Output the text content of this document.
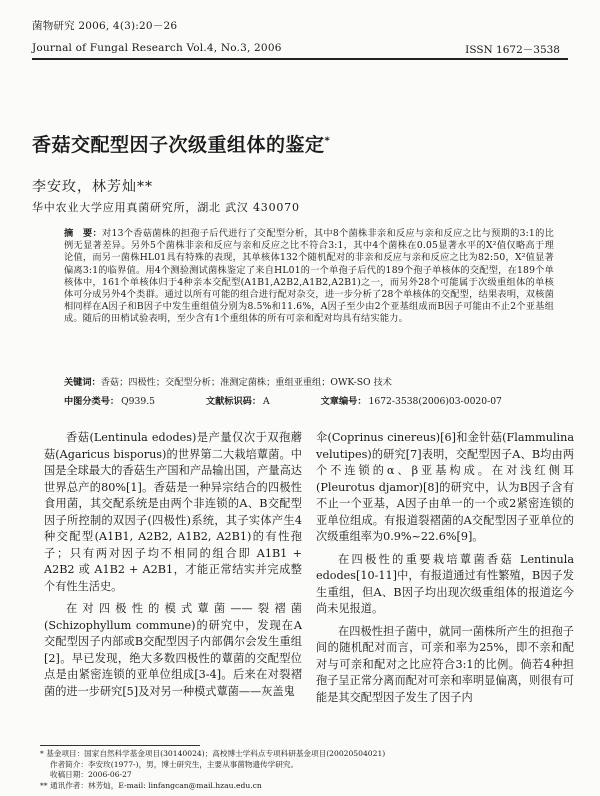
菌物研究 2006, 4(3):20－26
Journal of Fungal Research Vol.4, No.3, 2006	ISSN 1672－3538
香菇交配型因子次级重组体的鉴定*
李安玫，林芳灿**
华中农业大学应用真菌研究所，湖北 武汉 430070
摘　要：对13个香菇菌株的担孢子后代进行了交配型分析，其中8个菌株非亲和反应与亲和反应之比与预期的3:1的比例无显著差异。另外5个菌株非亲和反应与亲和反应之比不符合3:1，其中4个菌株在0.05显著水平的X²值仅略高于理论值，而另一菌株HL01具有特殊的表现，其单核体132个随机配对的非亲和反应与亲和反应之比为82:50，X²值显著偏离3:1的临界值。用4个测验测试菌株鉴定了来自HL01的一个单孢子后代的189个孢子单核体的交配型，在189个单核体中，161个单核体归于4种亲本交配型(A1B1,A2B2,A1B2,A2B1)之一，而另外28个可能属于次级重组体的单核体可分成另外4个类群。通过以所有可能的组合进行配对杂交，进一步分析了28个单核体的交配型，结果表明，双核菌相同样在A因子和B因子中发生重组值分别为8.5%和11.6%，A因子至少由2个亚基组成而B因子可能由不止2个亚基组成。随后的田梢试验表明，至少含有1个重组体的所有可亲和配对均具有结实能力。
关键词：香菇；四极性；交配型分析；准测定菌株；重组亚重组；OWK-SO 技术
中图分类号： Q939.5	文献标识码： A	文章编号： 1672-3538(2006)03-0020-07

香菇(Lentinula edodes)是产量仅次于双孢蘑菇(Agaricus bisporus)的世界第二大栽培蕈菌。中国是全球最大的香菇生产国和产品输出国，产量高达世界总产的80%[1]。香菇是一种异宗结合的四极性食用菌，其交配系统是由两个非连锁的A、B交配型因子所控制的双因子(四极性)系统，其子实体产生4种交配型(A1B1, A2B2, A1B2, A2B1)的有性孢子；只有两对因子均不相同的组合即 A1B1 + A2B2 或 A1B2 + A2B1，才能正常结实并完成整个有性生活史。

在对四极性的模式蕈菌——裂褶菌(Schizophyllum commune)的研究中，发现在A交配型因子内部或B交配型因子内部偶尔会发生重组[2]。早已发现，绝大多数四极性的蕈菌的交配型位点是由紧密连锁的亚单位组成[3-4]。后来在对裂褶菌的进一步研究[5]及对另一种模式蕈菌——灰盖鬼

伞(Coprinus cinereus)[6]和金针菇(Flammulina velutipes)的研究[7]表明，交配型因子A、B均由两个不连锁的α、β亚基构成。在对浅红侧耳(Pleurotus djamor)[8]的研究中，认为B因子含有不止一个亚基，A因子由单一的一个或2紧密连锁的亚单位组成。有报道裂褶菌的A交配型因子亚单位的次级重组率为0.9%~22.6%[9]。

在四极性的重要栽培蕈菌香菇 Lentinula edodes[10-11]中，有报道通过有性繁殖，B因子发生重组，但A、B因子均出现次级重组体的报道迄今尚未见报道。

在四极性担子菌中，就同一菌株所产生的担孢子间的随机配对而言，可亲和率为25%，即不亲和配对与可亲和配对之比应符合3:1的比例。倘若4种担孢子呈正常分离而配对可亲和率明显偏离，则很有可能是其交配型因子发生了因子内

* 基金项目：国家自然科学基金项目(30140024)；高校博士学科点专项科研基金项目(20020504021)
作者简介：李安玫(1977-)，男，博士研究生，主要从事菌物遗传学研究。
收稿日期：2006-06-27
** 通讯作者：林芳灿，E-mail: linfangcan@mail.hzau.edu.cn
